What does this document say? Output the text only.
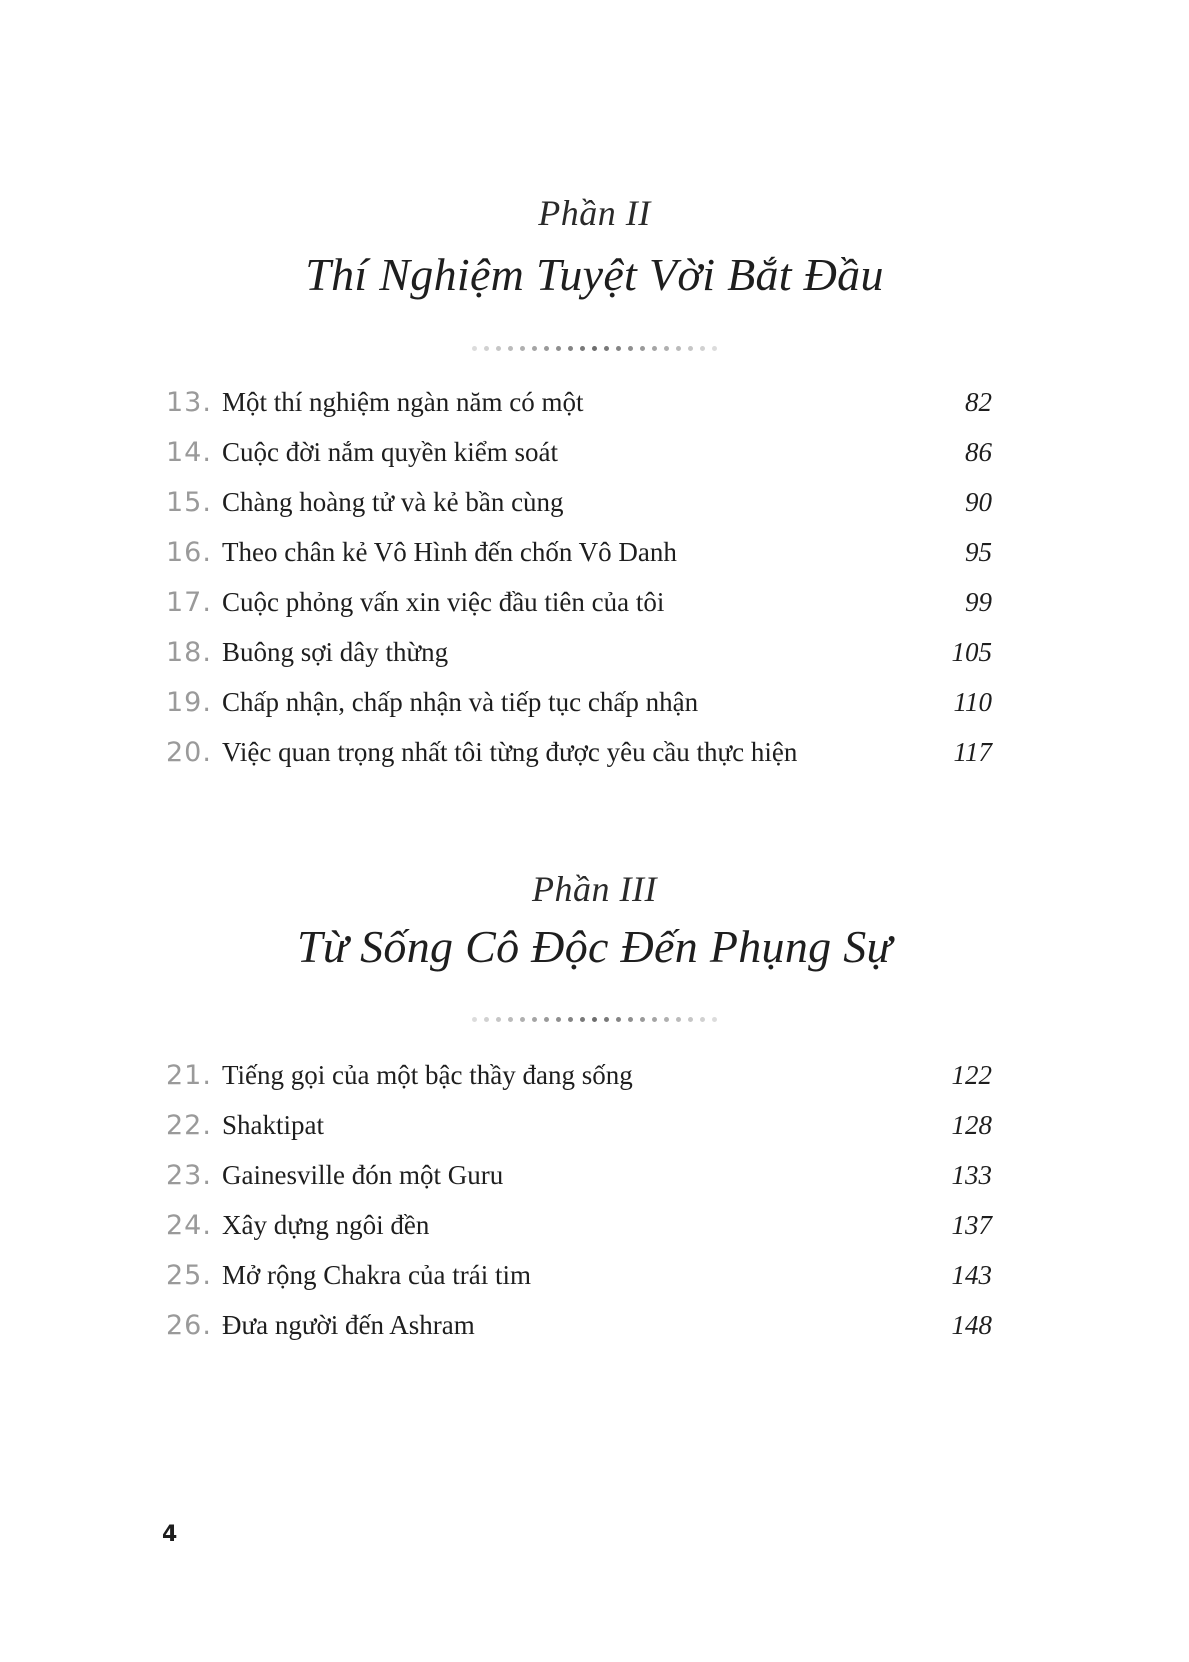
Phần II
Thí Nghiệm Tuyệt Vời Bắt Đầu
13. Một thí nghiệm ngàn năm có một	82
14. Cuộc đời nắm quyền kiểm soát	86
15. Chàng hoàng tử và kẻ bần cùng	90
16. Theo chân kẻ Vô Hình đến chốn Vô Danh	95
17. Cuộc phỏng vấn xin việc đầu tiên của tôi	99
18. Buông sợi dây thừng	105
19. Chấp nhận, chấp nhận và tiếp tục chấp nhận	110
20. Việc quan trọng nhất tôi từng được yêu cầu thực hiện	117
Phần III
Từ Sống Cô Độc Đến Phụng Sự
21. Tiếng gọi của một bậc thầy đang sống	122
22. Shaktipat	128
23. Gainesville đón một Guru	133
24. Xây dựng ngôi đền	137
25. Mở rộng Chakra của trái tim	143
26. Đưa người đến Ashram	148
4
